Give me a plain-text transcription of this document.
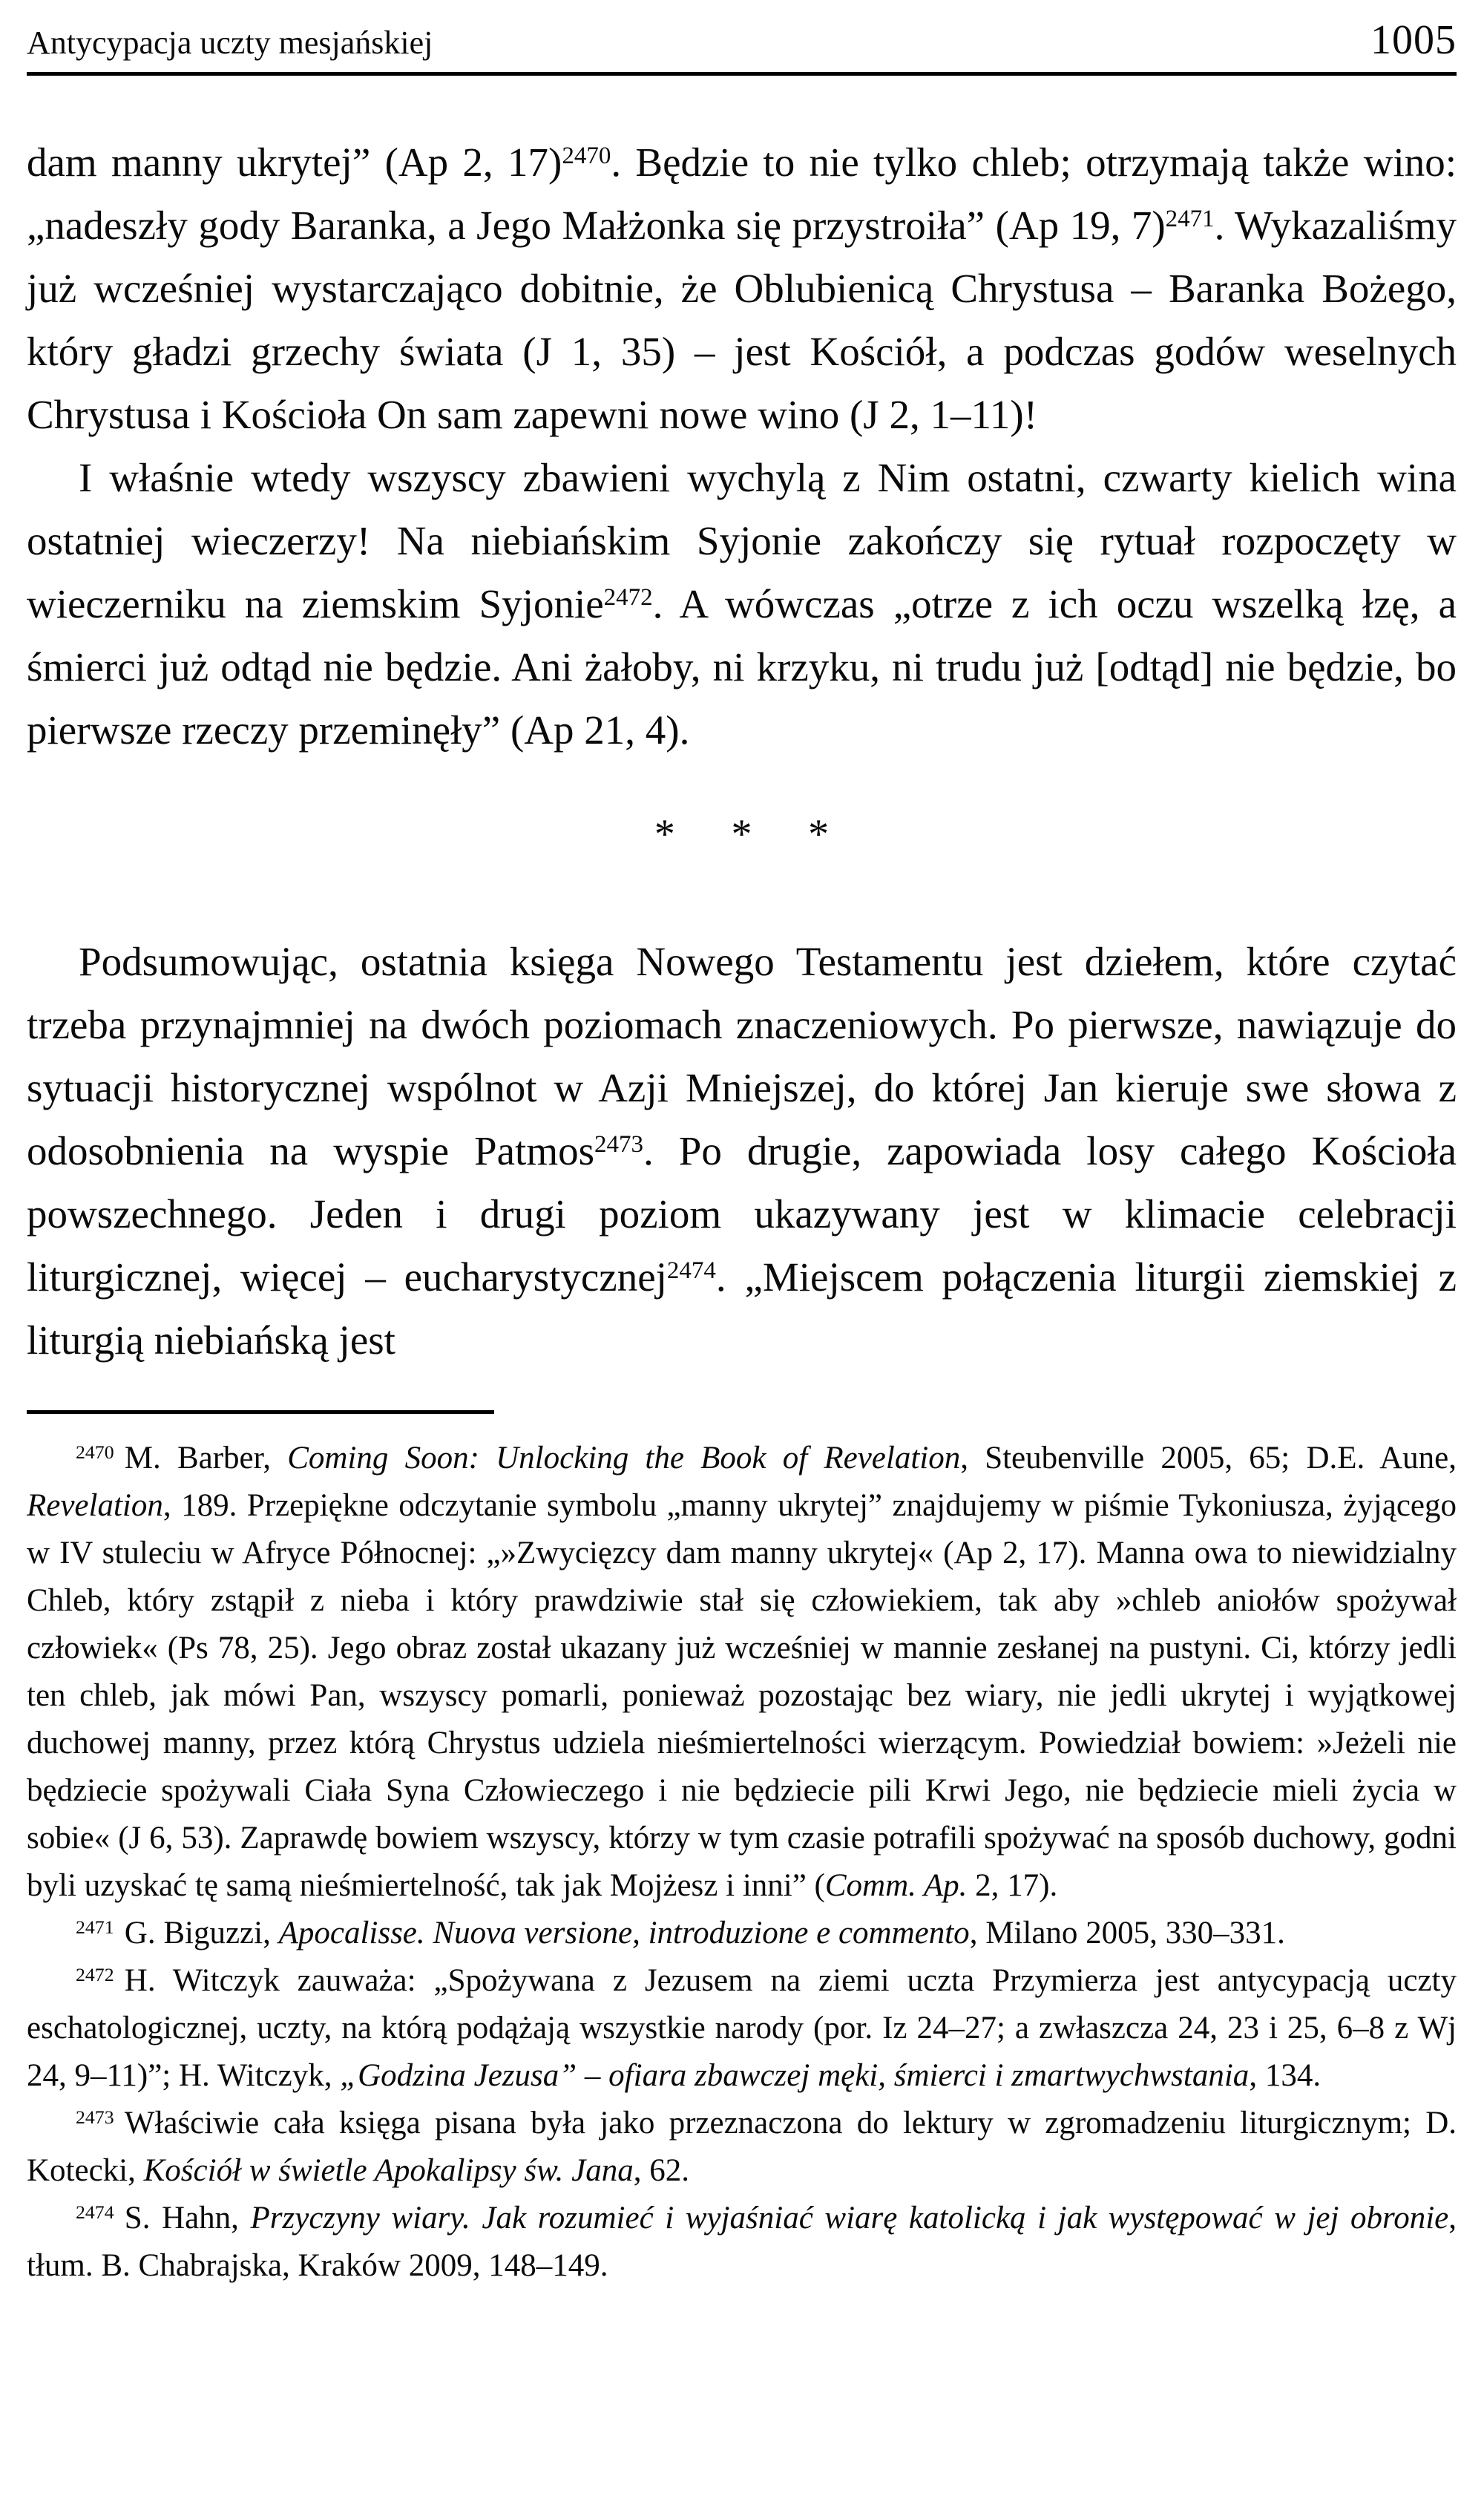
Antycypacja uczty mesjańskiej	1005

dam manny ukrytej” (Ap 2, 17)$^{2470}$. Będzie to nie tylko chleb; otrzymają także wino: „nadeszły gody Baranka, a Jego Małżonka się przystroiła” (Ap 19, 7)$^{2471}$. Wykazaliśmy już wcześniej wystarczająco dobitnie, że Oblubienicą Chrystusa – Baranka Bożego, który gładzi grzechy świata (J 1, 35) – jest Kościół, a podczas godów weselnych Chrystusa i Kościoła On sam zapewni nowe wino (J 2, 1–11)!

I właśnie wtedy wszyscy zbawieni wychylą z Nim ostatni, czwarty kielich wina ostatniej wieczerzy! Na niebiańskim Syjonie zakończy się rytuał rozpoczęty w wieczerniku na ziemskim Syjonie$^{2472}$. A wówczas „otrze z ich oczu wszelką łzę, a śmierci już odtąd nie będzie. Ani żałoby, ni krzyku, ni trudu już [odtąd] nie będzie, bo pierwsze rzeczy przeminęły” (Ap 21, 4).

* * *

Podsumowując, ostatnia księga Nowego Testamentu jest dziełem, które czytać trzeba przynajmniej na dwóch poziomach znaczeniowych. Po pierwsze, nawiązuje do sytuacji historycznej wspólnot w Azji Mniejszej, do której Jan kieruje swe słowa z odosobnienia na wyspie Patmos$^{2473}$. Po drugie, zapowiada losy całego Kościoła powszechnego. Jeden i drugi poziom ukazywany jest w klimacie celebracji liturgicznej, więcej – eucharystycznej$^{2474}$. „Miejscem połączenia liturgii ziemskiej z liturgią niebiańską jest

$^{2470}$ M. Barber, Coming Soon: Unlocking the Book of Revelation, Steubenville 2005, 65; D.E. Aune, Revelation, 189. Przepiękne odczytanie symbolu „manny ukrytej” znajdujemy w piśmie Tykoniusza, żyjącego w IV stuleciu w Afryce Północnej: „»Zwycięzcy dam manny ukrytej« (Ap 2, 17). Manna owa to niewidzialny Chleb, który zstąpił z nieba i który prawdziwie stał się człowiekiem, tak aby »chleb aniołów spożywał człowiek« (Ps 78, 25). Jego obraz został ukazany już wcześniej w mannie zesłanej na pustyni. Ci, którzy jedli ten chleb, jak mówi Pan, wszyscy pomarli, ponieważ pozostając bez wiary, nie jedli ukrytej i wyjątkowej duchowej manny, przez którą Chrystus udziela nieśmiertelności wierzącym. Powiedział bowiem: »Jeżeli nie będziecie spożywali Ciała Syna Człowieczego i nie będziecie pili Krwi Jego, nie będziecie mieli życia w sobie« (J 6, 53). Zaprawdę bowiem wszyscy, którzy w tym czasie potrafili spożywać na sposób duchowy, godni byli uzyskać tę samą nieśmiertelność, tak jak Mojżesz i inni” (Comm. Ap. 2, 17).

$^{2471}$ G. Biguzzi, Apocalisse. Nuova versione, introduzione e commento, Milano 2005, 330–331.

$^{2472}$ H. Witczyk zauważa: „Spożywana z Jezusem na ziemi uczta Przymierza jest antycypacją uczty eschatologicznej, uczty, na którą podążają wszystkie narody (por. Iz 24–27; a zwłaszcza 24, 23 i 25, 6–8 z Wj 24, 9–11)”; H. Witczyk, „Godzina Jezusa” – ofiara zbawczej męki, śmierci i zmartwychwstania, 134.

$^{2473}$ Właściwie cała księga pisana była jako przeznaczona do lektury w zgromadzeniu liturgicznym; D. Kotecki, Kościół w świetle Apokalipsy św. Jana, 62.

$^{2474}$ S. Hahn, Przyczyny wiary. Jak rozumieć i wyjaśniać wiarę katolicką i jak występować w jej obronie, tłum. B. Chabrajska, Kraków 2009, 148–149.
